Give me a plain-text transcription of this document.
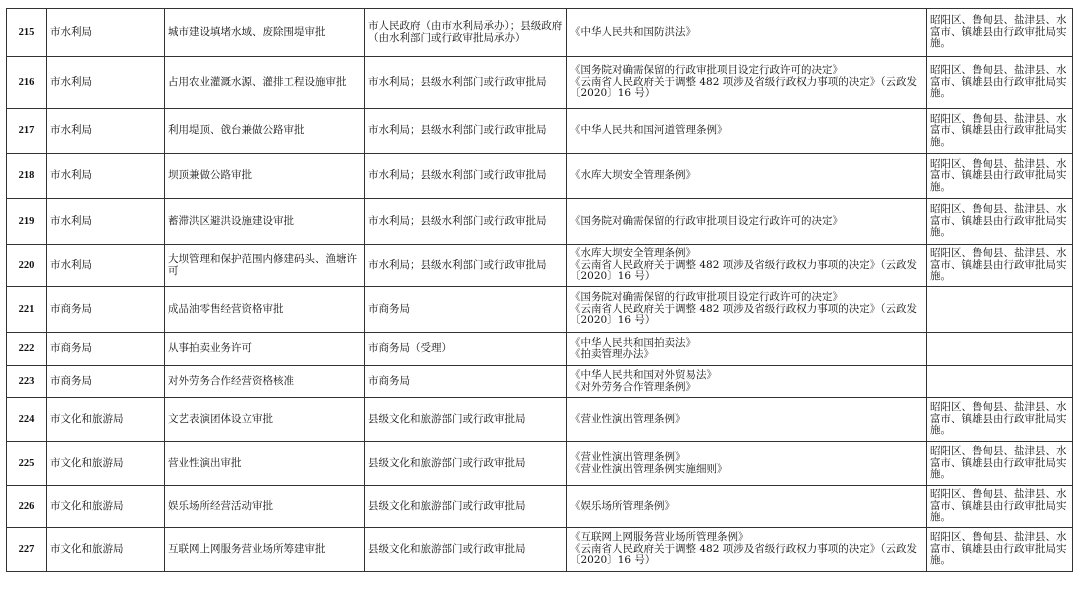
215	市水利局	城市建设填堵水域、废除围堤审批	市人民政府（由市水利局承办）；县级政府（由水利部门或行政审批局承办）	《中华人民共和国防洪法》	昭阳区、鲁甸县、盐津县、水富市、镇雄县由行政审批局实施。

216	市水利局	占用农业灌溉水源、灌排工程设施审批	市水利局；县级水利部门或行政审批局	《国务院对确需保留的行政审批项目设定行政许可的决定》
《云南省人民政府关于调整 482 项涉及省级行政权力事项的决定》（云政发〔2020〕16 号）	昭阳区、鲁甸县、盐津县、水富市、镇雄县由行政审批局实施。

217	市水利局	利用堤顶、戗台兼做公路审批	市水利局；县级水利部门或行政审批局	《中华人民共和国河道管理条例》	昭阳区、鲁甸县、盐津县、水富市、镇雄县由行政审批局实施。

218	市水利局	坝顶兼做公路审批	市水利局；县级水利部门或行政审批局	《水库大坝安全管理条例》	昭阳区、鲁甸县、盐津县、水富市、镇雄县由行政审批局实施。

219	市水利局	蓄滞洪区避洪设施建设审批	市水利局；县级水利部门或行政审批局	《国务院对确需保留的行政审批项目设定行政许可的决定》	昭阳区、鲁甸县、盐津县、水富市、镇雄县由行政审批局实施。

220	市水利局	大坝管理和保护范围内修建码头、渔塘许可	市水利局；县级水利部门或行政审批局	《水库大坝安全管理条例》
《云南省人民政府关于调整 482 项涉及省级行政权力事项的决定》（云政发〔2020〕16 号）	昭阳区、鲁甸县、盐津县、水富市、镇雄县由行政审批局实施。

221	市商务局	成品油零售经营资格审批	市商务局	《国务院对确需保留的行政审批项目设定行政许可的决定》
《云南省人民政府关于调整 482 项涉及省级行政权力事项的决定》（云政发〔2020〕16 号）	

222	市商务局	从事拍卖业务许可	市商务局（受理）	《中华人民共和国拍卖法》
《拍卖管理办法》	

223	市商务局	对外劳务合作经营资格核准	市商务局	《中华人民共和国对外贸易法》
《对外劳务合作管理条例》	

224	市文化和旅游局	文艺表演团体设立审批	县级文化和旅游部门或行政审批局	《营业性演出管理条例》	昭阳区、鲁甸县、盐津县、水富市、镇雄县由行政审批局实施。

225	市文化和旅游局	营业性演出审批	县级文化和旅游部门或行政审批局	《营业性演出管理条例》
《营业性演出管理条例实施细则》	昭阳区、鲁甸县、盐津县、水富市、镇雄县由行政审批局实施。

226	市文化和旅游局	娱乐场所经营活动审批	县级文化和旅游部门或行政审批局	《娱乐场所管理条例》	昭阳区、鲁甸县、盐津县、水富市、镇雄县由行政审批局实施。

227	市文化和旅游局	互联网上网服务营业场所筹建审批	县级文化和旅游部门或行政审批局	《互联网上网服务营业场所管理条例》
《云南省人民政府关于调整 482 项涉及省级行政权力事项的决定》（云政发〔2020〕16 号）	昭阳区、鲁甸县、盐津县、水富市、镇雄县由行政审批局实施。
